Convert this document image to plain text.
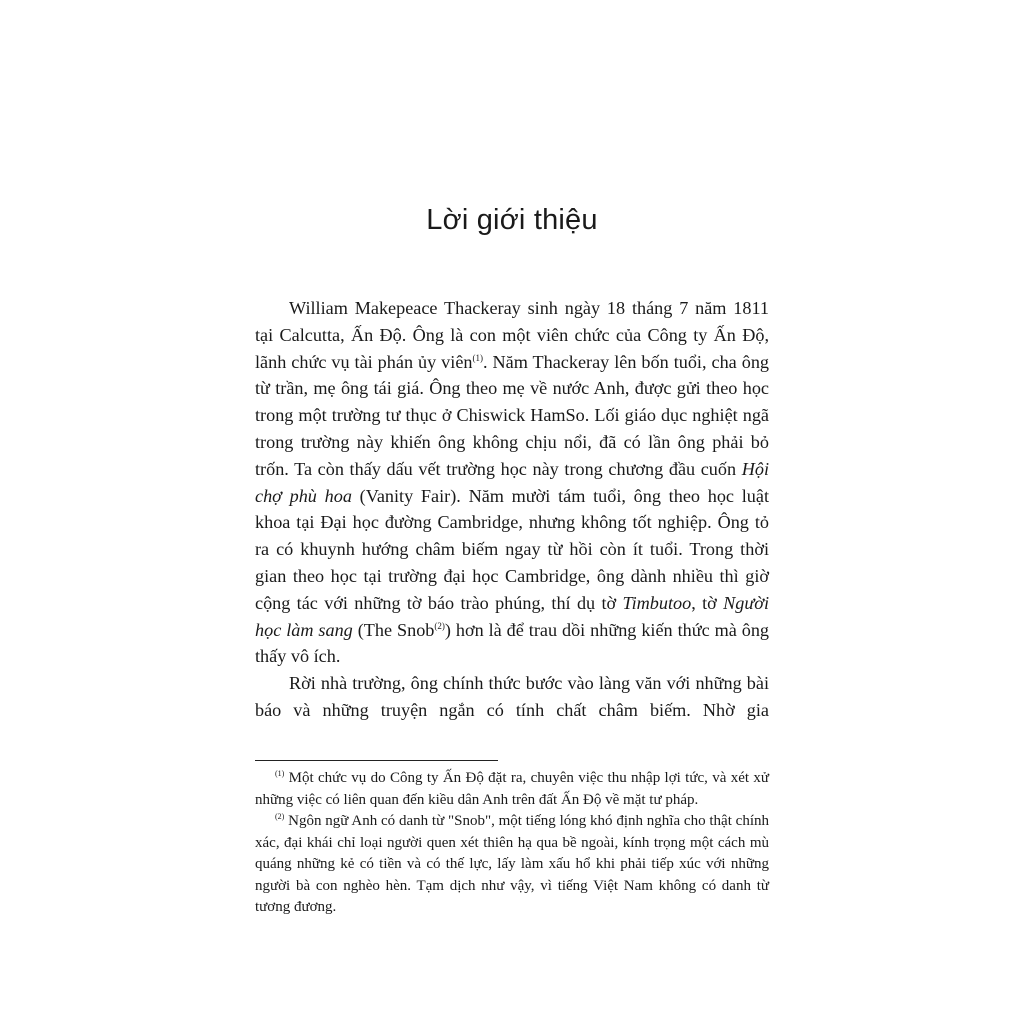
Lời giới thiệu

William Makepeace Thackeray sinh ngày 18 tháng 7 năm 1811 tại Calcutta, Ấn Độ. Ông là con một viên chức của Công ty Ấn Độ, lãnh chức vụ tài phán ủy viên$^{(1)}$. Năm Thackeray lên bốn tuổi, cha ông từ trần, mẹ ông tái giá. Ông theo mẹ về nước Anh, được gửi theo học trong một trường tư thục ở Chiswick HamSo. Lối giáo dục nghiệt ngã trong trường này khiến ông không chịu nổi, đã có lần ông phải bỏ trốn. Ta còn thấy dấu vết trường học này trong chương đầu cuốn Hội chợ phù hoa (Vanity Fair). Năm mười tám tuổi, ông theo học luật khoa tại Đại học đường Cambridge, nhưng không tốt nghiệp. Ông tỏ ra có khuynh hướng châm biếm ngay từ hồi còn ít tuổi. Trong thời gian theo học tại trường đại học Cambridge, ông dành nhiều thì giờ cộng tác với những tờ báo trào phúng, thí dụ tờ Timbutoo, tờ Người học làm sang (The Snob$^{(2)}$) hơn là để trau dồi những kiến thức mà ông thấy vô ích.

Rời nhà trường, ông chính thức bước vào làng văn với những bài báo và những truyện ngắn có tính chất châm biếm. Nhờ gia

$^{(1)}$ Một chức vụ do Công ty Ấn Độ đặt ra, chuyên việc thu nhập lợi tức, và xét xử những việc có liên quan đến kiều dân Anh trên đất Ấn Độ về mặt tư pháp.

$^{(2)}$ Ngôn ngữ Anh có danh từ "Snob", một tiếng lóng khó định nghĩa cho thật chính xác, đại khái chỉ loại người quen xét thiên hạ qua bề ngoài, kính trọng một cách mù quáng những kẻ có tiền và có thế lực, lấy làm xấu hổ khi phải tiếp xúc với những người bà con nghèo hèn. Tạm dịch như vậy, vì tiếng Việt Nam không có danh từ tương đương.
